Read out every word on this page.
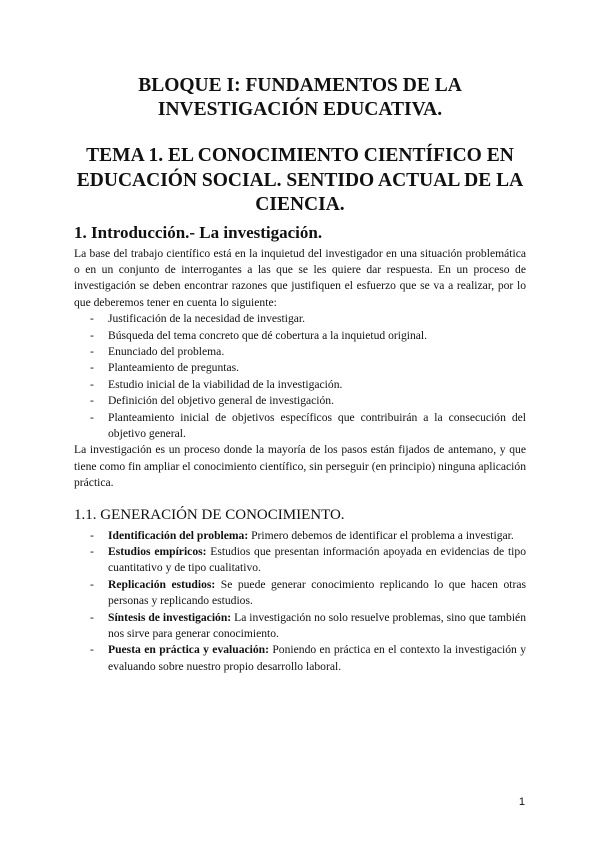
BLOQUE I: FUNDAMENTOS DE LA
INVESTIGACIÓN EDUCATIVA.
TEMA 1. EL CONOCIMIENTO CIENTÍFICO EN
EDUCACIÓN SOCIAL. SENTIDO ACTUAL DE LA
CIENCIA.
1. Introducción.- La investigación.

La base del trabajo científico está en la inquietud del investigador en una situación problemática o en un conjunto de interrogantes a las que se les quiere dar respuesta. En un proceso de investigación se deben encontrar razones que justifiquen el esfuerzo que se va a realizar, por lo que deberemos tener en cuenta lo siguiente:

- Justificación de la necesidad de investigar.
- Búsqueda del tema concreto que dé cobertura a la inquietud original.
- Enunciado del problema.
- Planteamiento de preguntas.
- Estudio inicial de la viabilidad de la investigación.
- Definición del objetivo general de investigación.
- Planteamiento inicial de objetivos específicos que contribuirán a la consecución del objetivo general.

La investigación es un proceso donde la mayoría de los pasos están fijados de antemano, y que tiene como fin ampliar el conocimiento científico, sin perseguir (en principio) ninguna aplicación práctica.

1.1. GENERACIÓN DE CONOCIMIENTO.
- Identificación del problema: Primero debemos de identificar el problema a investigar.
- Estudios empíricos: Estudios que presentan información apoyada en evidencias de tipo cuantitativo y de tipo cualitativo.
- Replicación estudios: Se puede generar conocimiento replicando lo que hacen otras personas y replicando estudios.
- Síntesis de investigación: La investigación no solo resuelve problemas, sino que también nos sirve para generar conocimiento.
- Puesta en práctica y evaluación: Poniendo en práctica en el contexto la investigación y evaluando sobre nuestro propio desarrollo laboral.
1
